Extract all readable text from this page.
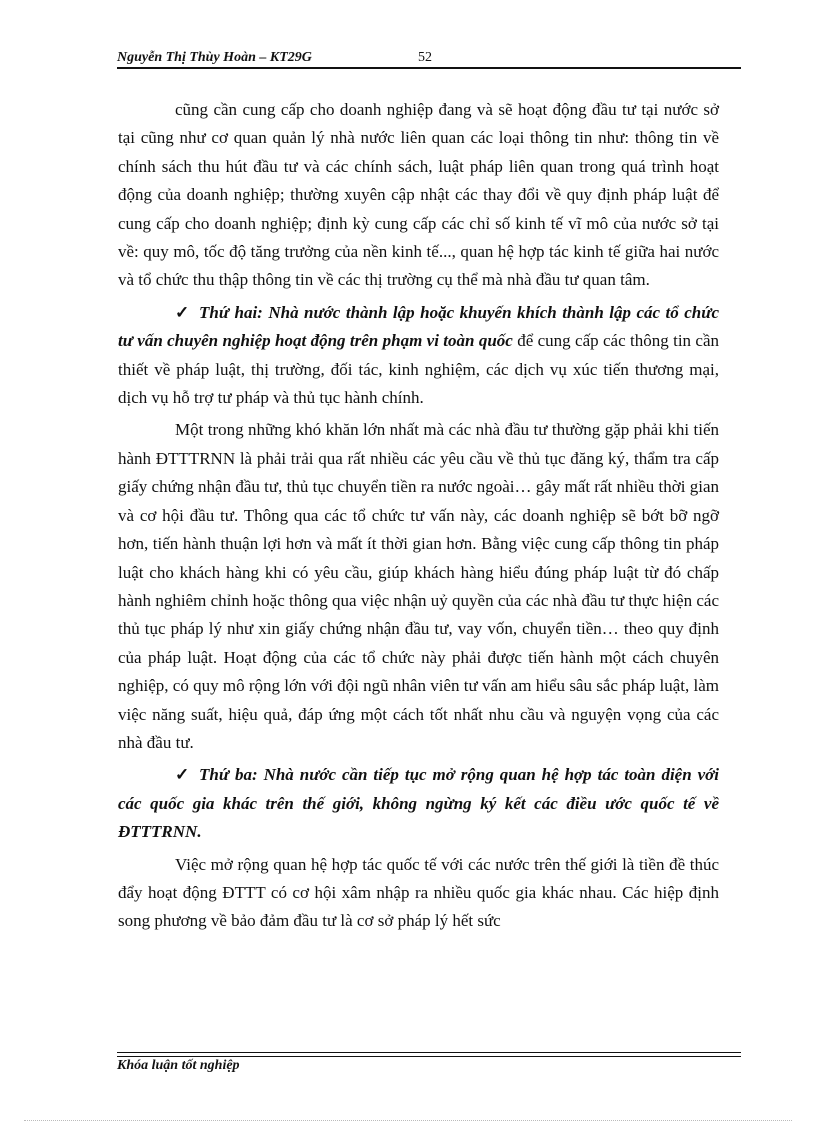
Nguyễn Thị Thùy Hoàn – KT29G	52

cũng cần cung cấp cho doanh nghiệp đang và sẽ hoạt động đầu tư tại nước sở tại cũng như cơ quan quản lý nhà nước liên quan các loại thông tin như: thông tin về chính sách thu hút đầu tư và các chính sách, luật pháp liên quan trong quá trình hoạt động của doanh nghiệp; thường xuyên cập nhật các thay đổi về quy định pháp luật để cung cấp cho doanh nghiệp; định kỳ cung cấp các chỉ số kinh tế vĩ mô của nước sở tại về: quy mô, tốc độ tăng trưởng của nền kinh tế..., quan hệ hợp tác kinh tế giữa hai nước và tổ chức thu thập thông tin về các thị trường cụ thể mà nhà đầu tư quan tâm.

✓ Thứ hai: Nhà nước thành lập hoặc khuyến khích thành lập các tổ chức tư vấn chuyên nghiệp hoạt động trên phạm vi toàn quốc để cung cấp các thông tin cần thiết về pháp luật, thị trường, đối tác, kinh nghiệm, các dịch vụ xúc tiến thương mại, dịch vụ hỗ trợ tư pháp và thủ tục hành chính.

Một trong những khó khăn lớn nhất mà các nhà đầu tư thường gặp phải khi tiến hành ĐTTTRNN là phải trải qua rất nhiều các yêu cầu về thủ tục đăng ký, thẩm tra cấp giấy chứng nhận đầu tư, thủ tục chuyển tiền ra nước ngoài… gây mất rất nhiều thời gian và cơ hội đầu tư. Thông qua các tổ chức tư vấn này, các doanh nghiệp sẽ bớt bỡ ngỡ hơn, tiến hành thuận lợi hơn và mất ít thời gian hơn. Bằng việc cung cấp thông tin pháp luật cho khách hàng khi có yêu cầu, giúp khách hàng hiểu đúng pháp luật từ đó chấp hành nghiêm chỉnh hoặc thông qua việc nhận uỷ quyền của các nhà đầu tư thực hiện các thủ tục pháp lý như xin giấy chứng nhận đầu tư, vay vốn, chuyển tiền… theo quy định của pháp luật. Hoạt động của các tổ chức này phải được tiến hành một cách chuyên nghiệp, có quy mô rộng lớn với đội ngũ nhân viên tư vấn am hiểu sâu sắc pháp luật, làm việc năng suất, hiệu quả, đáp ứng một cách tốt nhất nhu cầu và nguyện vọng của các nhà đầu tư.

✓ Thứ ba: Nhà nước cần tiếp tục mở rộng quan hệ hợp tác toàn diện với các quốc gia khác trên thế giới, không ngừng ký kết các điều ước quốc tế về ĐTTTRNN.

Việc mở rộng quan hệ hợp tác quốc tế với các nước trên thế giới là tiền đề thúc đẩy hoạt động ĐTTT có cơ hội xâm nhập ra nhiều quốc gia khác nhau. Các hiệp định song phương về bảo đảm đầu tư là cơ sở pháp lý hết sức

Khóa luận tốt nghiệp
